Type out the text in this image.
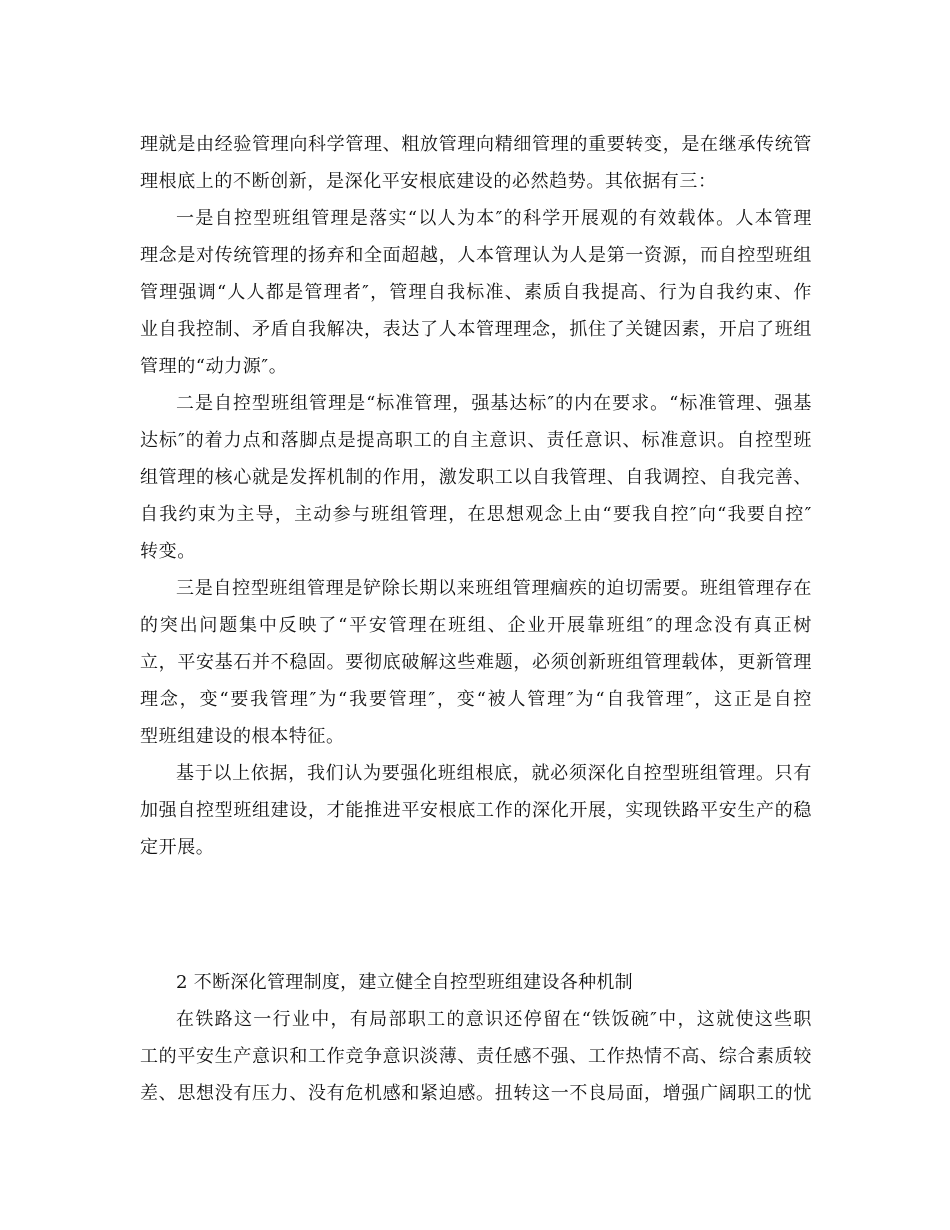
理就是由经验管理向科学管理、粗放管理向精细管理的重要转变，是在继承传统管
理根底上的不断创新，是深化平安根底建设的必然趋势。其依据有三：
一是自控型班组管理是落实“以人为本″的科学开展观的有效载体。人本管理
理念是对传统管理的扬弃和全面超越，人本管理认为人是第一资源，而自控型班组
管理强调“人人都是管理者″，管理自我标准、素质自我提高、行为自我约束、作
业自我控制、矛盾自我解决，表达了人本管理理念，抓住了关键因素，开启了班组
管理的“动力源″。
二是自控型班组管理是“标准管理，强基达标″的内在要求。“标准管理、强基
达标″的着力点和落脚点是提高职工的自主意识、责任意识、标准意识。自控型班
组管理的核心就是发挥机制的作用，激发职工以自我管理、自我调控、自我完善、
自我约束为主导，主动参与班组管理，在思想观念上由“要我自控″向“我要自控″
转变。
三是自控型班组管理是铲除长期以来班组管理痼疾的迫切需要。班组管理存在
的突出问题集中反映了“平安管理在班组、企业开展靠班组″的理念没有真正树
立，平安基石并不稳固。要彻底破解这些难题，必须创新班组管理载体，更新管理
理念，变“要我管理″为“我要管理″，变“被人管理″为“自我管理″，这正是自控
型班组建设的根本特征。
基于以上依据，我们认为要强化班组根底，就必须深化自控型班组管理。只有
加强自控型班组建设，才能推进平安根底工作的深化开展，实现铁路平安生产的稳
定开展。
2 不断深化管理制度，建立健全自控型班组建设各种机制
在铁路这一行业中，有局部职工的意识还停留在“铁饭碗″中，这就使这些职
工的平安生产意识和工作竞争意识淡薄、责任感不强、工作热情不高、综合素质较
差、思想没有压力、没有危机感和紧迫感。扭转这一不良局面，增强广阔职工的忧
